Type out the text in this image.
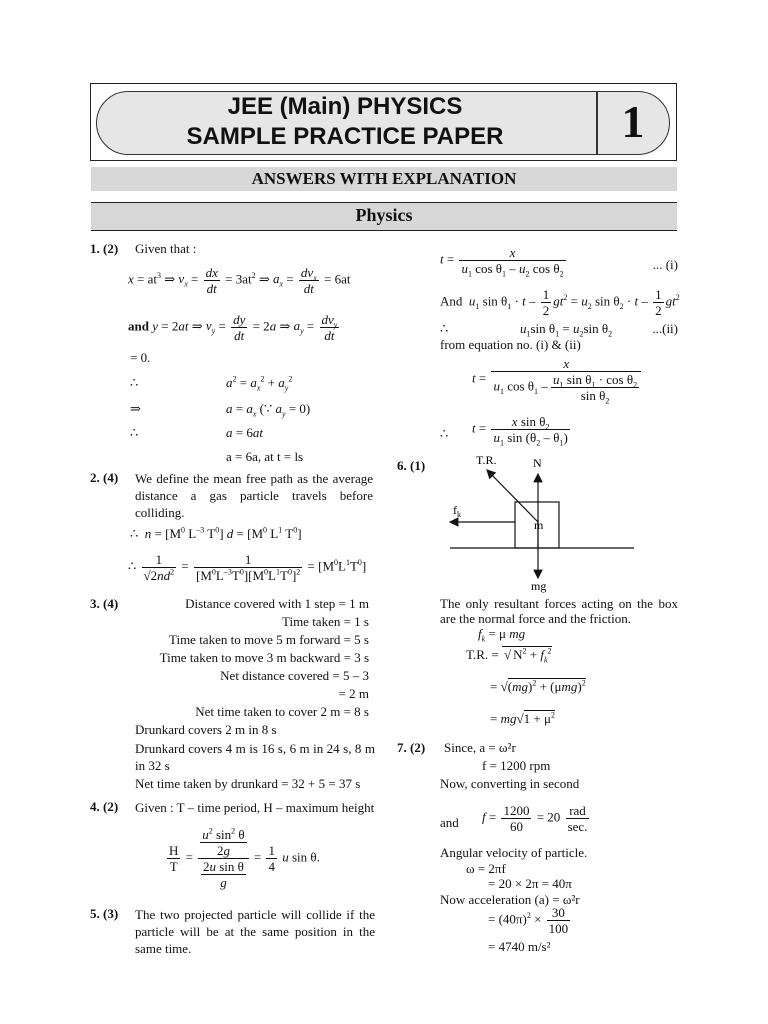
JEE (Main) PHYSICS
SAMPLE PRACTICE PAPER	1
ANSWERS WITH EXPLANATION
Physics
1. (2) Given that :
$x = at^3$ ⇒ $v_x = \frac{dx}{dt} = 3at^2$ ⇒ $a_x = dv_x$
dt
= 6at
and y = 2at ⇒ $v_y = \frac{dy}{dt} = 2a$ ⇒ $a_y = dv_y$
dt
= 0.
∴	$a^2 = a_x^2 + a_y^2$
⇒	$a = a_x$ (∵ $a_y = 0$)
∴	a = 6at
a = 6a, at t = ls
2. (4) We define the mean free path as the average distance a gas particle travels before colliding.
∴  $n = [M^0$ $L^{-3}$ $T^0$] $d = [M^0$ $L^1$ $T^0$]
∴ $\frac{1}{√2nd^2} = \frac{1}{[M^0L^{-3}T^0][M^0L^1T^0]^2} = [M^0L^1T^0]$
3. (4)	Distance covered with 1 step = 1 m
Time taken = 1 s
Time taken to move 5 m forward = 5 s
Time taken to move 3 m backward = 3 s
Net distance covered = 5 – 3
= 2 m
Net time taken to cover 2 m = 8 s
Drunkard covers 2 m in 8 s
Drunkard covers 4 m is 16 s, 6 m in 24 s, 8 m in 32 s
Net time taken by drunkard = 32 + 5 = 37 s
4. (2) Given : T – time period, H – maximum height
$\frac{H}{T} = \frac{\frac{u^2 \sin^2 \theta}{2g}}{\frac{\text{2u sin θ}}{g}} = \frac{1}{4}$ u sin θ.
5. (3) The two projected particle will collide if the particle will be at the same position in the same time.
$t = \frac{x}{u_1 \cos \theta_1 - u_2 \cos \theta_2}$	... (i)
And $u_1$ $\sin \theta_1 \cdot t - \frac{1}{2} gt^2 = u_2$ $\sin \theta_2 \cdot t - \frac{1}{2} gt^2$
∴	$u_1\sin$ $\theta_1 = u_2\sin$ $\theta_2$	...(ii)
from equation no. (i) & (ii)
$t = \frac{x}{u_1 \cos \theta_1 - \frac{u_1 \sin \theta_1 \cdot \cos \theta_2}{\sin \theta_2}}$
∴ $t = \frac{x \sin \theta_2}{u_1 \sin (\theta_2 - \theta_1)}$
6. (1)	T.R.	N
$f_k$
m
mg
The only resultant forces acting on the box are the normal force and the friction.
$f_k = \mu$ mg
T.R. = √ $N^2 + f_k^2$
= $√(mg)^2 + (\mu mg)^2$
= $mg√1 + \mu^2$
7. (2) Since, a = ω²r
f = 1200 rpm
Now, converting in second
and $f = \frac{1200}{60} = 20$ rad
sec.
Angular velocity of particle.
ω = 2πf
= 20 × 2π = 40π
Now acceleration (a) = ω²r
= $(40\pi)^2 \times \frac{30}{100}$
= 4740 m/s²
